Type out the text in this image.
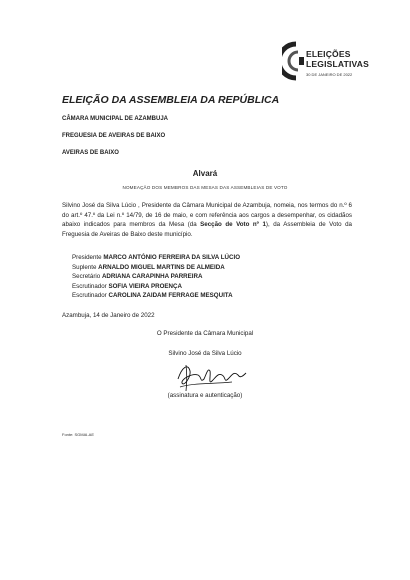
ELEIÇÕES
LEGISLATIVAS
30 DE JANEIRO DE 2022
ELEIÇÃO DA ASSEMBLEIA DA REPÚBLICA
CÂMARA MUNICIPAL DE AZAMBUJA
FREGUESIA DE AVEIRAS DE BAIXO
AVEIRAS DE BAIXO
Alvará
NOMEAÇÃO DOS MEMBROS DAS MESAS DAS ASSEMBLEIAS DE VOTO
Silvino José da Silva Lúcio , Presidente da Câmara Municipal de Azambuja, nomeia, nos termos do n.º 6 do art.º 47.º da Lei n.º 14/79, de 16 de maio, e com referência aos cargos a desempenhar, os cidadãos abaixo indicados para membros da Mesa (da Secção de Voto nº 1), da Assembleia de Voto da Freguesia de Aveiras de Baixo deste município.
Presidente MARCO ANTÓNIO FERREIRA DA SILVA LÚCIO
Suplente ARNALDO MIGUEL MARTINS DE ALMEIDA
Secretário ADRIANA CARAPINHA PARREIRA
Escrutinador SOFIA VIEIRA PROENÇA
Escrutinador CAROLINA ZAIDAM FERRAGE MESQUITA
Azambuja, 14 de Janeiro de 2022
O Presidente da Câmara Municipal
Silvino José da Silva Lúcio
(assinatura e autenticação)
Fonte: SGMAI-AE
